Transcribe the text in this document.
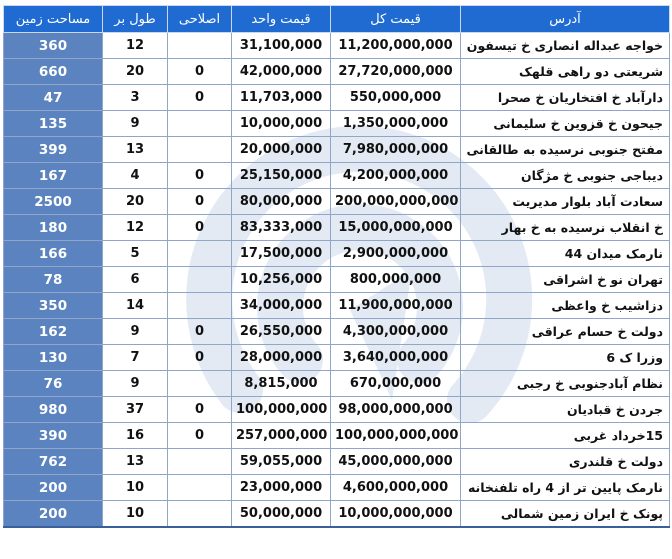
مساحت زمین	طول بر	اصلاحی	قیمت واحد	قیمت کل	آدرس
360	12		31,100,000	11,200,000,000	خواجه عبداله انصاری خ تیسفون
660	20	0	42,000,000	27,720,000,000	شریعتی دو راهی قلهک
47	3	0	11,703,000	550,000,000	دارآباد خ افتخاریان خ صحرا
135	9		10,000,000	1,350,000,000	جیحون خ قزوین خ سلیمانی
399	13		20,000,000	7,980,000,000	مفتح جنوبی نرسیده به طالقانی
167	4	0	25,150,000	4,200,000,000	دیباجی جنوبی خ مژگان
2500	20	0	80,000,000	200,000,000,000	سعادت آباد بلوار مدیریت
180	12	0	83,333,000	15,000,000,000	خ انقلاب نرسیده به خ بهار
166	5		17,500,000	2,900,000,000	نارمک میدان 44
78	6		10,256,000	800,000,000	تهران نو خ اشراقی
350	14		34,000,000	11,900,000,000	دزاشیب خ واعظی
162	9	0	26,550,000	4,300,000,000	دولت خ حسام عراقی
130	7	0	28,000,000	3,640,000,000	وزرا ک 6
76	9		8,815,000	670,000,000	نظام آبادجنوبی خ رجبی
980	37	0	100,000,000	98,000,000,000	جردن خ قبادیان
390	16	0	257,000,000	100,000,000,000	15خرداد غربی
762	13		59,055,000	45,000,000,000	دولت خ قلندری
200	10		23,000,000	4,600,000,000	نارمک پایین تر از 4 راه تلفنخانه
200	10		50,000,000	10,000,000,000	پونک خ ایران زمین شمالی
